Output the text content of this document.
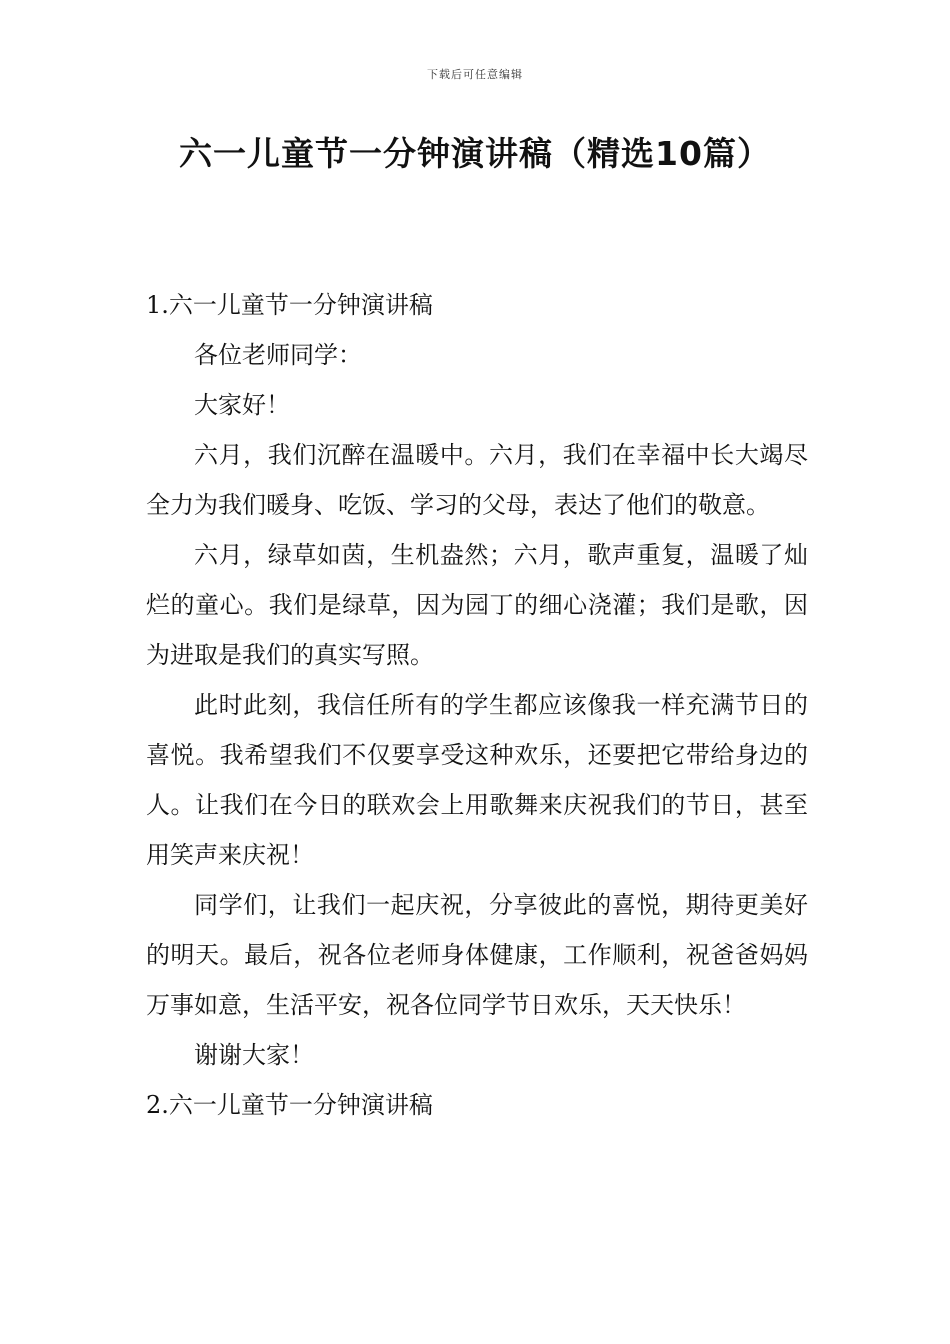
下载后可任意编辑
六一儿童节一分钟演讲稿（精选10篇）

1.六一儿童节一分钟演讲稿

各位老师同学：

大家好！

六月，我们沉醉在温暖中。六月，我们在幸福中长大竭尽全力为我们暖身、吃饭、学习的父母，表达了他们的敬意。

六月，绿草如茵，生机盎然；六月，歌声重复，温暖了灿烂的童心。我们是绿草，因为园丁的细心浇灌；我们是歌，因为进取是我们的真实写照。

此时此刻，我信任所有的学生都应该像我一样充满节日的喜悦。我希望我们不仅要享受这种欢乐，还要把它带给身边的人。让我们在今日的联欢会上用歌舞来庆祝我们的节日，甚至用笑声来庆祝！

同学们，让我们一起庆祝，分享彼此的喜悦，期待更美好的明天。最后，祝各位老师身体健康，工作顺利，祝爸爸妈妈万事如意，生活平安，祝各位同学节日欢乐，天天快乐！

谢谢大家！

2.六一儿童节一分钟演讲稿
